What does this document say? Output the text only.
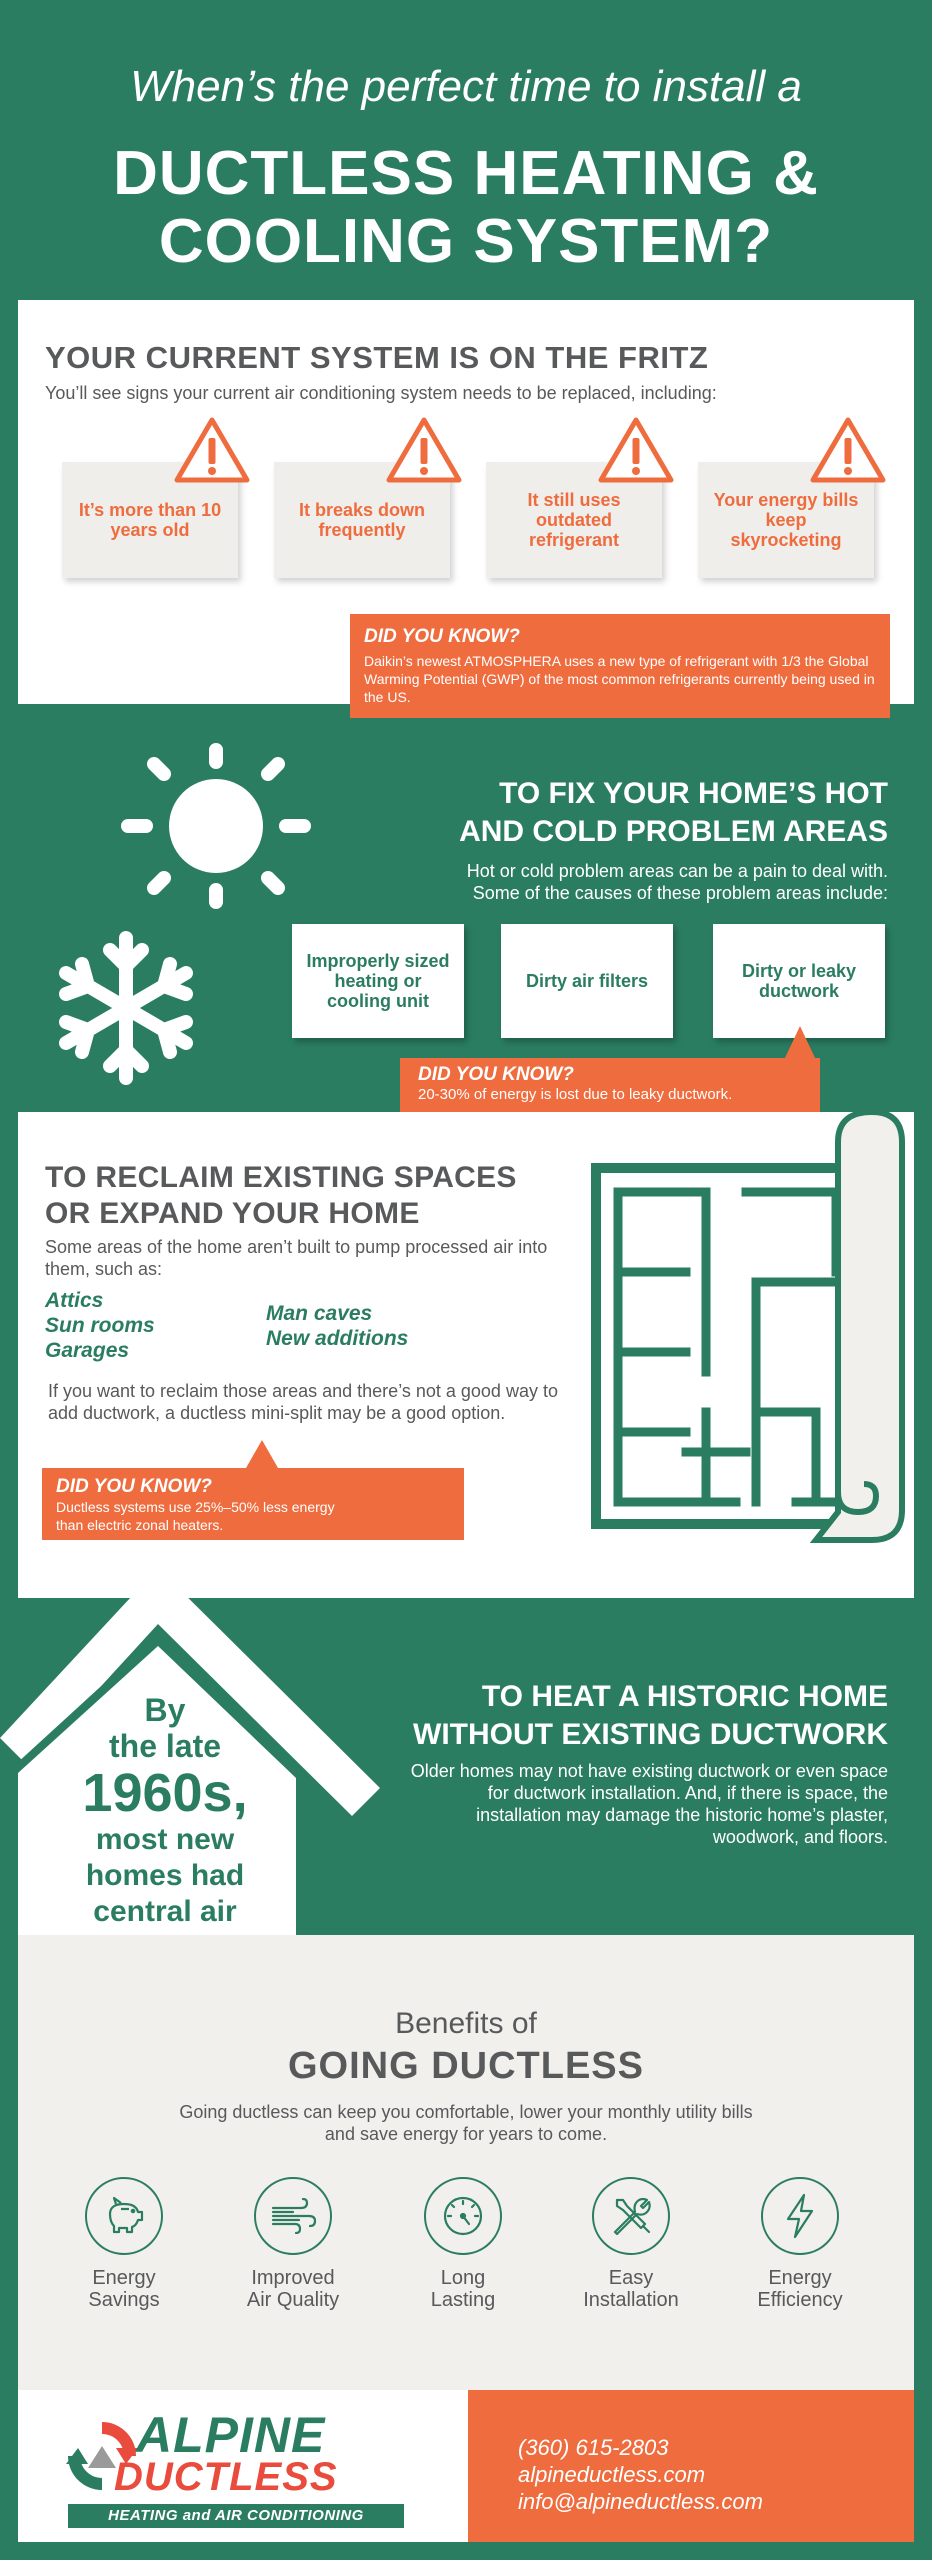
When’s the perfect time to install a
DUCTLESS HEATING &
COOLING SYSTEM?
YOUR CURRENT SYSTEM IS ON THE FRITZ
You’ll see signs your current air conditioning system needs to be replaced, including:
It’s more than 10 years old
It breaks down frequently
It still uses outdated refrigerant
Your energy bills keep skyrocketing
DID YOU KNOW?
Daikin’s newest ATMOSPHERA uses a new type of refrigerant with 1/3 the Global Warming Potential (GWP) of the most common refrigerants currently being used in the US.
TO FIX YOUR HOME’S HOT
AND COLD PROBLEM AREAS
Hot or cold problem areas can be a pain to deal with.
Some of the causes of these problem areas include:
Improperly sized heating or cooling unit
Dirty air filters	Dirty or leaky ductwork
DID YOU KNOW?
20-30% of energy is lost due to leaky ductwork.
TO RECLAIM EXISTING SPACES
OR EXPAND YOUR HOME
Some areas of the home aren’t built to pump processed air into them, such as:
Attics
Sun rooms
Garages
Man caves
New additions
If you want to reclaim those areas and there’s not a good way to add ductwork, a ductless mini-split may be a good option.
DID YOU KNOW?
Ductless systems use 25%–50% less energy
than electric zonal heaters.
By
the late
1960s,
most new
homes had
central air
TO HEAT A HISTORIC HOME
WITHOUT EXISTING DUCTWORK
Older homes may not have existing ductwork or even space for ductwork installation. And, if there is space, the installation may damage the historic home’s plaster, woodwork, and floors.
Benefits of
GOING DUCTLESS
Going ductless can keep you comfortable, lower your monthly utility bills and save energy for years to come.
Energy
Savings
Improved
Air Quality
Long
Lasting
Easy
Installation
Energy
Efficiency
ALPINE
DUCTLESS
HEATING and AIR CONDITIONING
(360) 615-2803
alpineductless.com
info@alpineductless.com
